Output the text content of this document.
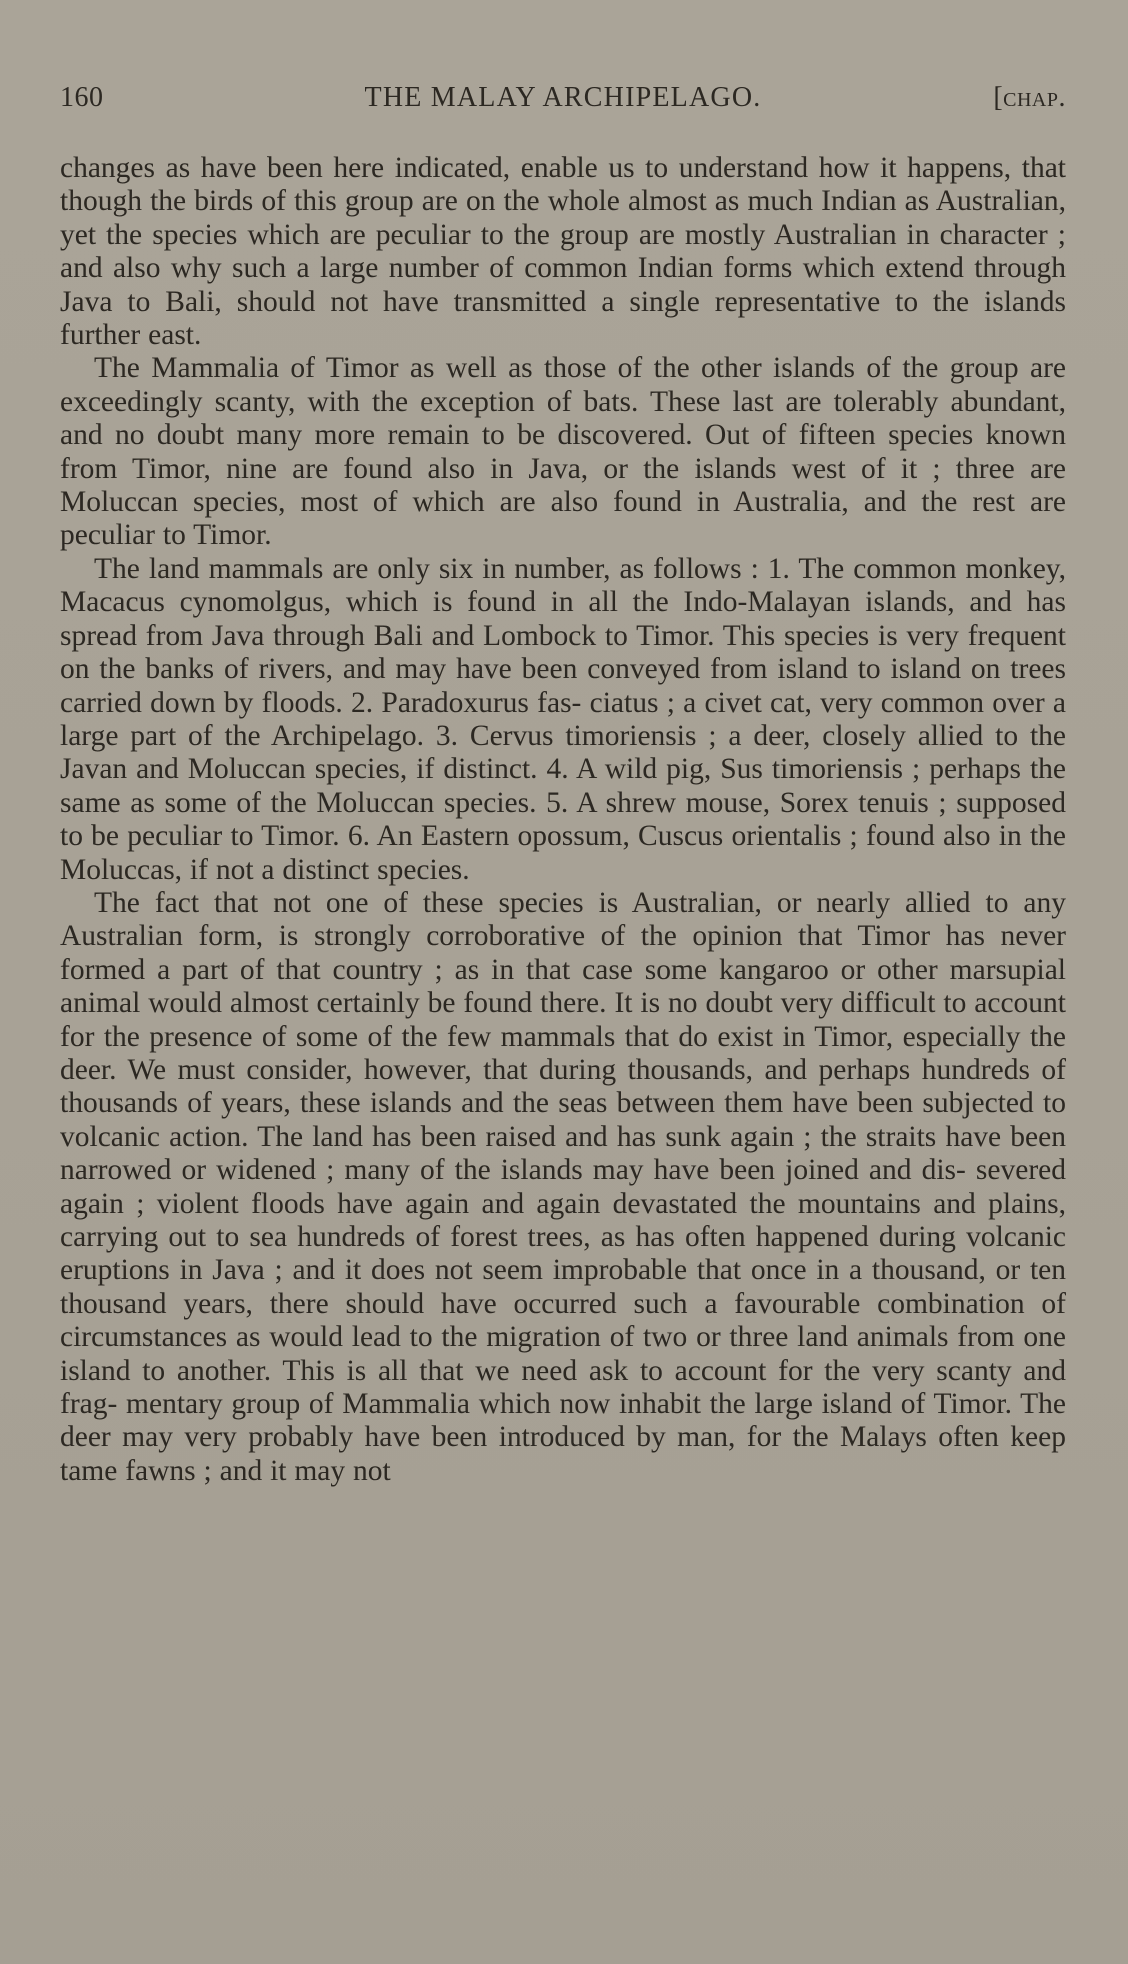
160	THE MALAY ARCHIPELAGO.	[chap.

changes as have been here indicated, enable us to understand how it happens, that though the birds of this group are on the whole almost as much Indian as Australian, yet the species which are peculiar to the group are mostly Australian in character ; and also why such a large number of common Indian forms which extend through Java to Bali, should not have transmitted a single representative to the islands further east.

The Mammalia of Timor as well as those of the other islands of the group are exceedingly scanty, with the exception of bats. These last are tolerably abundant, and no doubt many more remain to be discovered. Out of fifteen species known from Timor, nine are found also in Java, or the islands west of it ; three are Moluccan species, most of which are also found in Australia, and the rest are peculiar to Timor.

The land mammals are only six in number, as follows : 1. The common monkey, Macacus cynomolgus, which is found in all the Indo-Malayan islands, and has spread from Java through Bali and Lombock to Timor. This species is very frequent on the banks of rivers, and may have been conveyed from island to island on trees carried down by floods. 2. Paradoxurus fas- ciatus ; a civet cat, very common over a large part of the Archipelago. 3. Cervus timoriensis ; a deer, closely allied to the Javan and Moluccan species, if distinct. 4. A wild pig, Sus timoriensis ; perhaps the same as some of the Moluccan species. 5. A shrew mouse, Sorex tenuis ; supposed to be peculiar to Timor. 6. An Eastern opossum, Cuscus orientalis ; found also in the Moluccas, if not a distinct species.

The fact that not one of these species is Australian, or nearly allied to any Australian form, is strongly corroborative of the opinion that Timor has never formed a part of that country ; as in that case some kangaroo or other marsupial animal would almost certainly be found there. It is no doubt very difficult to account for the presence of some of the few mammals that do exist in Timor, especially the deer. We must consider, however, that during thousands, and perhaps hundreds of thousands of years, these islands and the seas between them have been subjected to volcanic action. The land has been raised and has sunk again ; the straits have been narrowed or widened ; many of the islands may have been joined and dis- severed again ; violent floods have again and again devastated the mountains and plains, carrying out to sea hundreds of forest trees, as has often happened during volcanic eruptions in Java ; and it does not seem improbable that once in a thousand, or ten thousand years, there should have occurred such a favourable combination of circumstances as would lead to the migration of two or three land animals from one island to another. This is all that we need ask to account for the very scanty and frag- mentary group of Mammalia which now inhabit the large island of Timor. The deer may very probably have been introduced by man, for the Malays often keep tame fawns ; and it may not
